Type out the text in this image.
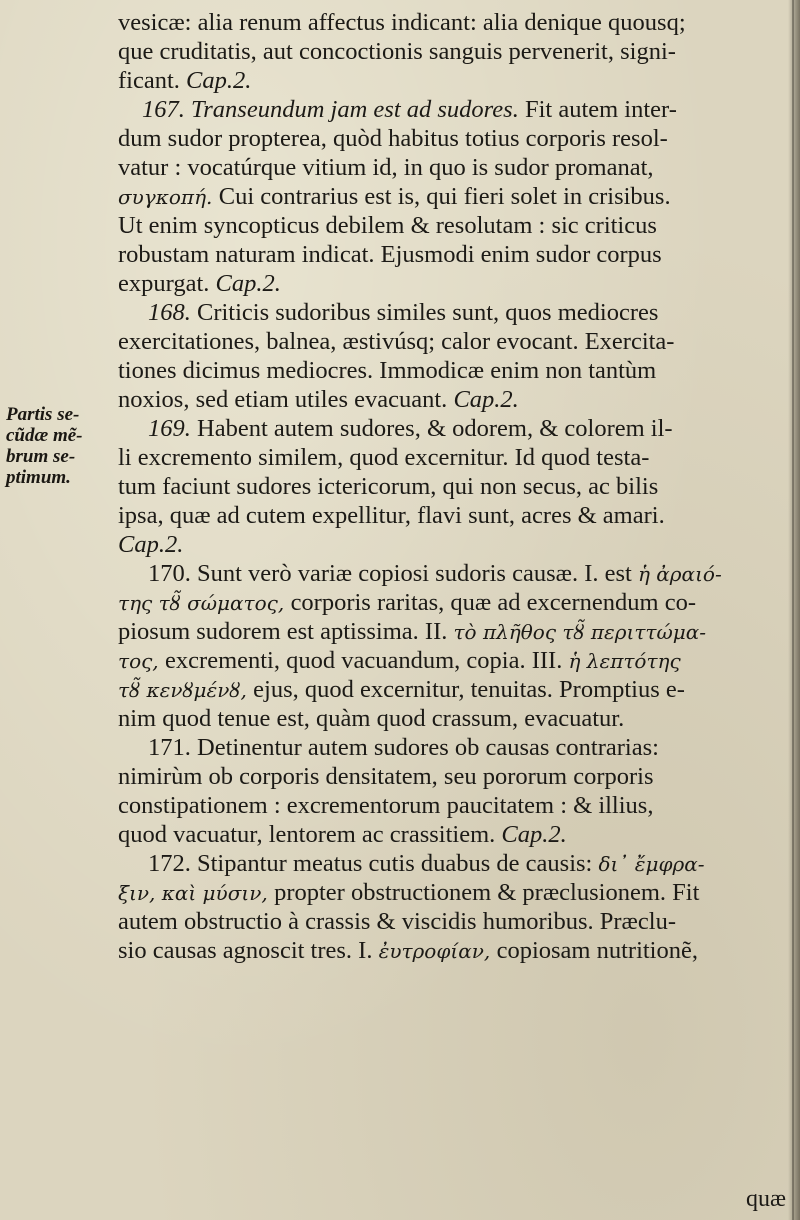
Partis se-
cũdæ mẽ-
brum se-
ptimum.
vesicæ: alia renum affectus indicant: alia denique quousq;
que cruditatis, aut concoctionis sanguis pervenerit, signi-
ficant. Cap.2.
167. Transeundum jam est ad sudores. Fit autem inter-
dum sudor propterea, quòd habitus totius corporis resol-
vatur : vocatúrque vitium id, in quo is sudor promanat,
συγκοπή. Cui contrarius est is, qui fieri solet in crisibus.
Ut enim syncopticus debilem & resolutam : sic criticus
robustam naturam indicat. Ejusmodi enim sudor corpus
expurgat. Cap.2.
168. Criticis sudoribus similes sunt, quos mediocres
exercitationes, balnea, æstivúsq; calor evocant. Exercita-
tiones dicimus mediocres. Immodicæ enim non tantùm
noxios, sed etiam utiles evacuant. Cap.2.
169. Habent autem sudores, & odorem, & colorem il-
li excremento similem, quod excernitur. Id quod testa-
tum faciunt sudores ictericorum, qui non secus, ac bilis
ipsa, quæ ad cutem expellitur, flavi sunt, acres & amari.
Cap.2.
170. Sunt verò variæ copiosi sudoris causæ. I. est ἡ ἀραιό-
της τȣ̃ σώματος, corporis raritas, quæ ad excernendum co-
piosum sudorem est aptissima. II. τὸ πλῆθος τȣ̃ περιττώμα-
τος, excrementi, quod vacuandum, copia. III. ἡ λεπτότης
τȣ̃ κενȣμένȣ, ejus, quod excernitur, tenuitas. Promptius e-
nim quod tenue est, quàm quod crassum, evacuatur.
171. Detinentur autem sudores ob causas contrarias:
nimirùm ob corporis densitatem, seu pororum corporis
constipationem : excrementorum paucitatem : & illius,
quod vacuatur, lentorem ac crassitiem. Cap.2.
172. Stipantur meatus cutis duabus de causis: δι᾽ ἔμφρα-
ξιν, καὶ μύσιν, propter obstructionem & præclusionem. Fit
autem obstructio à crassis & viscidis humoribus. Præclu-
sio causas agnoscit tres. I. ἐυτροφίαν, copiosam nutritionẽ,
quæ
